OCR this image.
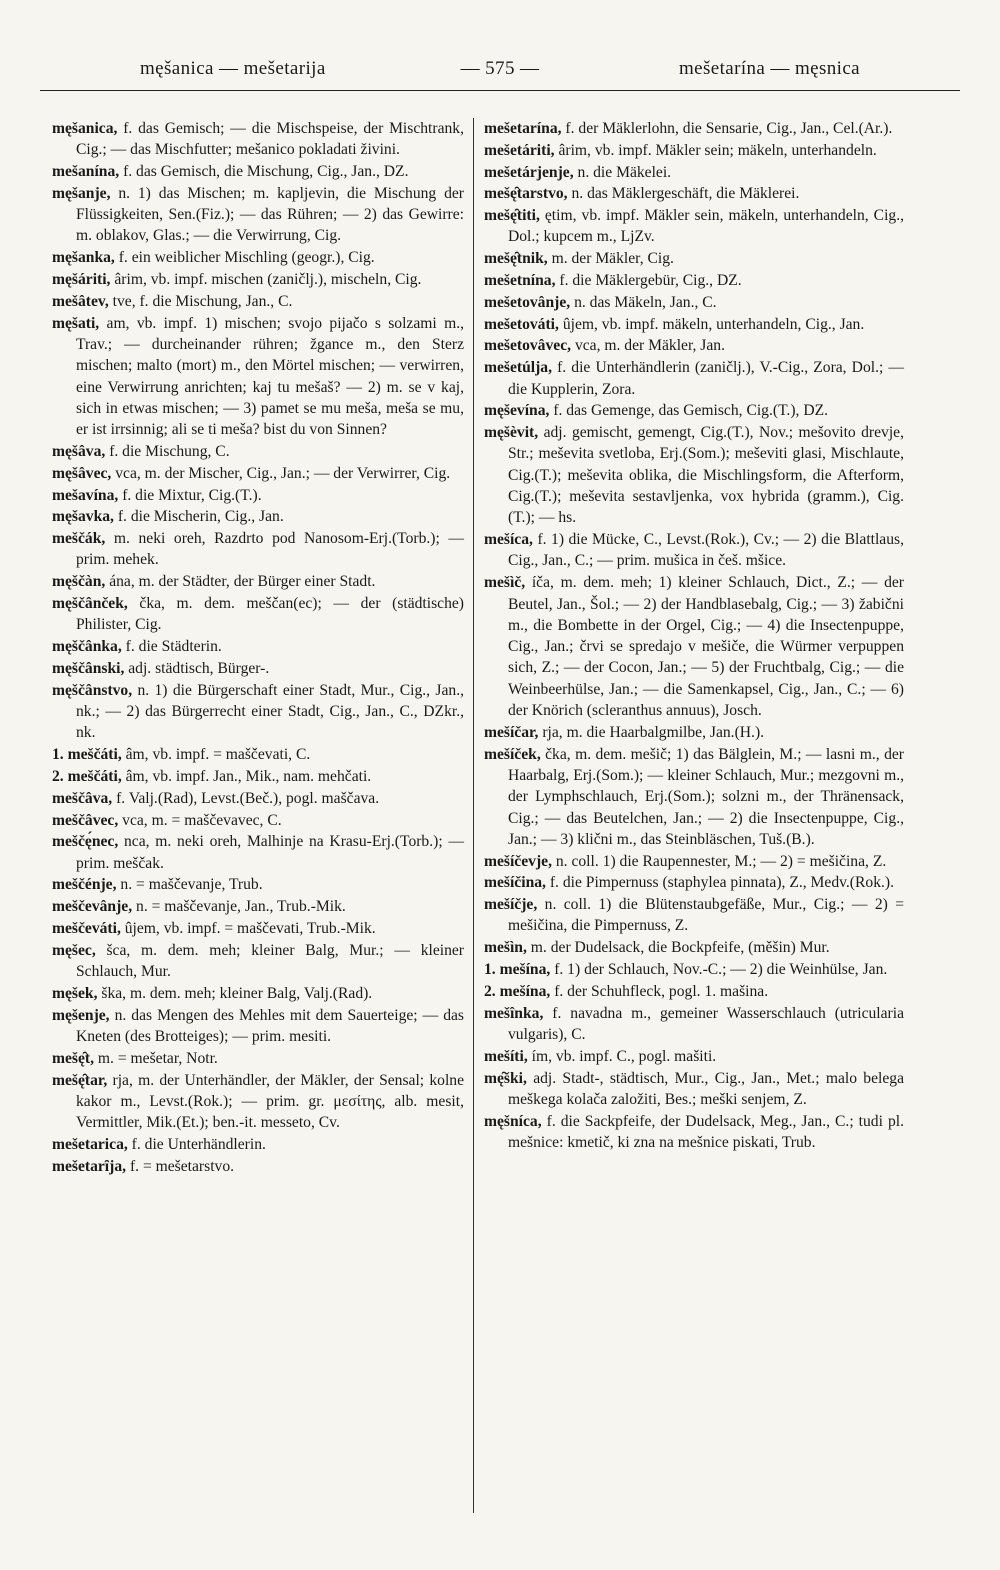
męšanica — mešetarija	— 575 —	mešetarína — męsnica

męšanica, f. das Gemisch; — die Mischspeise, der Mischtrank, Cig.; — das Mischfutter; mešanico pokladati živini.

mešanína, f. das Gemisch, die Mischung, Cig., Jan., DZ.

męšanje, n. 1) das Mischen; m. kapljevin, die Mischung der Flüssigkeiten, Sen.(Fiz.); — das Rühren; — 2) das Gewirre: m. oblakov, Glas.; — die Verwirrung, Cig.

męšanka, f. ein weiblicher Mischling (geogr.), Cig.

męšáriti, ârim, vb. impf. mischen (zaničlj.), mischeln, Cig.

mešâtev, tve, f. die Mischung, Jan., C.

męšati, am, vb. impf. 1) mischen; svojo pijačo s solzami m., Trav.; — durcheinander rühren; žgance m., den Sterz mischen; malto (mort) m., den Mörtel mischen; — verwirren, eine Verwirrung anrichten; kaj tu mešaš? — 2) m. se v kaj, sich in etwas mischen; — 3) pamet se mu meša, meša se mu, er ist irrsinnig; ali se ti meša? bist du von Sinnen?

męšâva, f. die Mischung, C.

męšâvec, vca, m. der Mischer, Cig., Jan.; — der Verwirrer, Cig.

mešavína, f. die Mixtur, Cig.(T.).

męšavka, f. die Mischerin, Cig., Jan.

meščák, m. neki oreh, Razdrto pod Nanosom-Erj.(Torb.); — prim. mehek.

męščàn, ána, m. der Städter, der Bürger einer Stadt.

męščânček, čka, m. dem. meščan(ec); — der (städtische) Philister, Cig.

męščânka, f. die Städterin.

męščânski, adj. städtisch, Bürger-.

męščânstvo, n. 1) die Bürgerschaft einer Stadt, Mur., Cig., Jan., nk.; — 2) das Bürgerrecht einer Stadt, Cig., Jan., C., DZkr., nk.

1. meščáti, âm, vb. impf. = maščevati, C.

2. meščáti, âm, vb. impf. Jan., Mik., nam. mehčati.

meščâva, f. Valj.(Rad), Levst.(Beč.), pogl. maščava.

meščâvec, vca, m. = maščevavec, C.

meščę́nec, nca, m. neki oreh, Malhinje na Krasu-Erj.(Torb.); — prim. meščak.

meščénje, n. = maščevanje, Trub.

meščevânje, n. = maščevanje, Jan., Trub.-Mik.

meščeváti, ûjem, vb. impf. = maščevati, Trub.-Mik.

męšec, šca, m. dem. meh; kleiner Balg, Mur.; — kleiner Schlauch, Mur.

męšek, ška, m. dem. meh; kleiner Balg, Valj.(Rad).

męšenje, n. das Mengen des Mehles mit dem Sauerteige; — das Kneten (des Brotteiges); — prim. mesiti.

mešę̑t, m. = mešetar, Notr.

mešę̑tar, rja, m. der Unterhändler, der Mäkler, der Sensal; kolne kakor m., Levst.(Rok.); — prim. gr. μεσίτης, alb. mesit, Vermittler, Mik.(Et.); ben.-it. messeto, Cv.

mešetarica, f. die Unterhändlerin.

mešetarȋja, f. = mešetarstvo.

mešetarína, f. der Mäklerlohn, die Sensarie, Cig., Jan., Cel.(Ar.).

mešetáriti, ârim, vb. impf. Mäkler sein; mäkeln, unterhandeln.

mešetárjenje, n. die Mäkelei.

mešę̑tarstvo, n. das Mäklergeschäft, die Mäklerei.

mešę̑titi, ętim, vb. impf. Mäkler sein, mäkeln, unterhandeln, Cig., Dol.; kupcem m., LjZv.

mešę̑tnik, m. der Mäkler, Cig.

mešetnína, f. die Mäklergebür, Cig., DZ.

mešetovânje, n. das Mäkeln, Jan., C.

mešetováti, ûjem, vb. impf. mäkeln, unterhandeln, Cig., Jan.

mešetovâvec, vca, m. der Mäkler, Jan.

mešetúlja, f. die Unterhändlerin (zaničlj.), V.-Cig., Zora, Dol.; — die Kupplerin, Zora.

męševína, f. das Gemenge, das Gemisch, Cig.(T.), DZ.

męšèvit, adj. gemischt, gemengt, Cig.(T.), Nov.; mešovito drevje, Str.; meševita svetloba, Erj.(Som.); meševiti glasi, Mischlaute, Cig.(T.); meševita oblika, die Mischlingsform, die Afterform, Cig.(T.); meševita sestavljenka, vox hybrida (gramm.), Cig.(T.); — hs.

mešíca, f. 1) die Mücke, C., Levst.(Rok.), Cv.; — 2) die Blattlaus, Cig., Jan., C.; — prim. mušica in češ. mšice.

mešìč, íča, m. dem. meh; 1) kleiner Schlauch, Dict., Z.; — der Beutel, Jan., Šol.; — 2) der Handblasebalg, Cig.; — 3) žabični m., die Bombette in der Orgel, Cig.; — 4) die Insectenpuppe, Cig., Jan.; črvi se spredajo v mešiče, die Würmer verpuppen sich, Z.; — der Cocon, Jan.; — 5) der Fruchtbalg, Cig.; — die Weinbeerhülse, Jan.; — die Samenkapsel, Cig., Jan., C.; — 6) der Knörich (scleranthus annuus), Josch.

mešíčar, rja, m. die Haarbalgmilbe, Jan.(H.).

mešíček, čka, m. dem. mešič; 1) das Bälglein, M.; — lasni m., der Haarbalg, Erj.(Som.); — kleiner Schlauch, Mur.; mezgovni m., der Lymphschlauch, Erj.(Som.); solzni m., der Thränensack, Cig.; — das Beutelchen, Jan.; — 2) die Insectenpuppe, Cig., Jan.; — 3) klični m., das Steinbläschen, Tuš.(B.).

mešíčevje, n. coll. 1) die Raupennester, M.; — 2) = mešičina, Z.

mešíčina, f. die Pimpernuss (staphylea pinnata), Z., Medv.(Rok.).

mešíčje, n. coll. 1) die Blütenstaubgefäße, Mur., Cig.; — 2) = mešičina, die Pimpernuss, Z.

mešìn, m. der Dudelsack, die Bockpfeife, (měšin) Mur.

1. mešína, f. 1) der Schlauch, Nov.-C.; — 2) die Weinhülse, Jan.

2. mešína, f. der Schuhfleck, pogl. 1. mašina.

mešînka, f. navadna m., gemeiner Wasserschlauch (utricularia vulgaris), C.

mešíti, ím, vb. impf. C., pogl. mašiti.

mę̑ški, adj. Stadt-, städtisch, Mur., Cig., Jan., Met.; malo belega meškega kolača založiti, Bes.; meški senjem, Z.

męšníca, f. die Sackpfeife, der Dudelsack, Meg., Jan., C.; tudi pl. mešnice: kmetič, ki zna na mešnice piskati, Trub.
